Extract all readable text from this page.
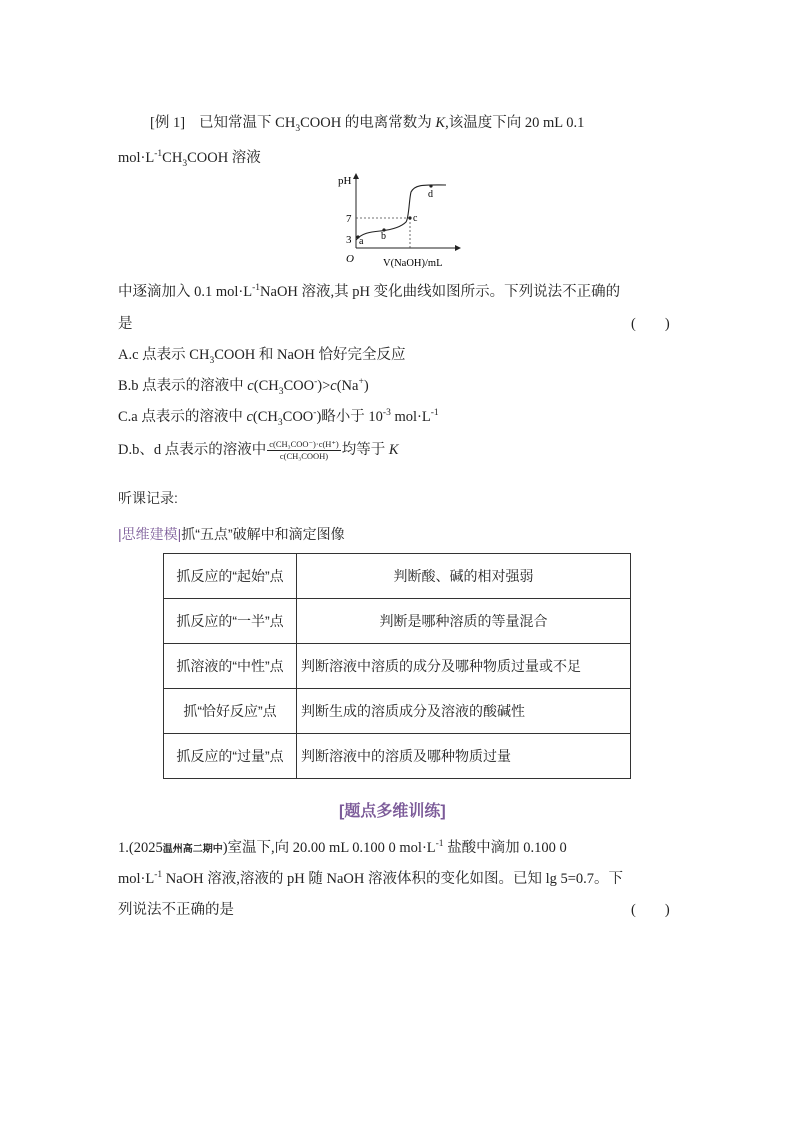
[例 1] 已知常温下 $CH_3COOH$ 的电离常数为 K,该温度下向 20 mL 0.1
$mol\cdot L^{-1}CH_3COOH$ 溶液
pH
O	V(NaOH)/mL
7
3 a b
c
d
中逐滴加入 0.1 $mol\cdot L^{-1}NaOH$ 溶液,其 pH 变化曲线如图所示。下列说法不正确的
是	(　　)
A.c 点表示 $CH_3COOH$ 和 NaOH 恰好完全反应
B.b 点表示的溶液中 $c(CH_3COO^-)>c(Na^+)$
C.a 点表示的溶液中 $c(CH_3COO^-)$略小于 $10^{-3}$ $mol\cdot L^{-1}$
D.b、d 点表示的溶液中 $\frac{\text{c(CH₃COO⁻)·c(H⁺)}}{\text{c(CH₃COOH)}}$ 均等于 K
听课记录:
|思维建模|抓“五点”破解中和滴定图像
抓反应的“起始”点	判断酸、碱的相对强弱
抓反应的“一半”点	判断是哪种溶质的等量混合
抓溶液的“中性”点	判断溶液中溶质的成分及哪种物质过量或不足
抓“恰好反应”点	判断生成的溶质成分及溶液的酸碱性
抓反应的“过量”点	判断溶液中的溶质及哪种物质过量
[题点多维训练]
1.(2025温州高二期中)室温下,向 20.00 mL 0.100 0 $mol\cdot L^{-1}$ 盐酸中滴加 0.100 0
$mol\cdot L^{-1}$ NaOH 溶液,溶液的 pH 随 NaOH 溶液体积的变化如图。已知 lg 5=0.7。下
列说法不正确的是	(　　)
